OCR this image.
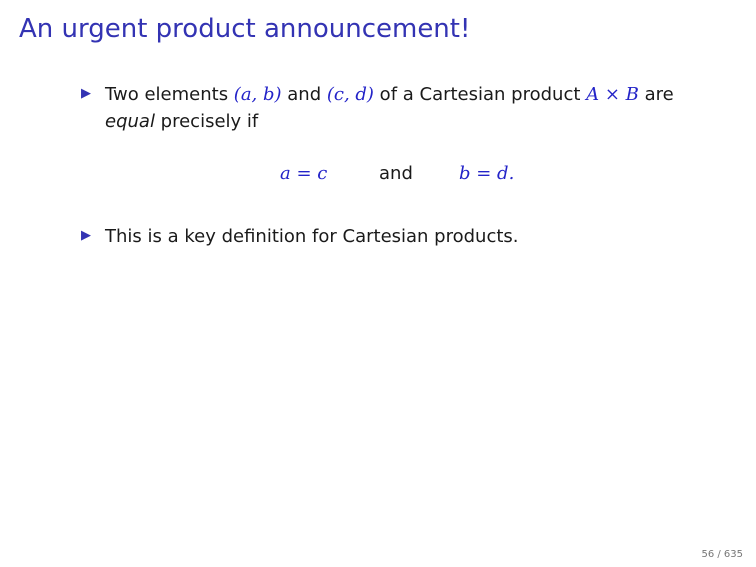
An urgent product announcement!
▶ Two elements (a, b) and (c, d) of a Cartesian product A × B are equal precisely if
a = c	and	b = d.
▶ This is a key definition for Cartesian products.
56 / 635
